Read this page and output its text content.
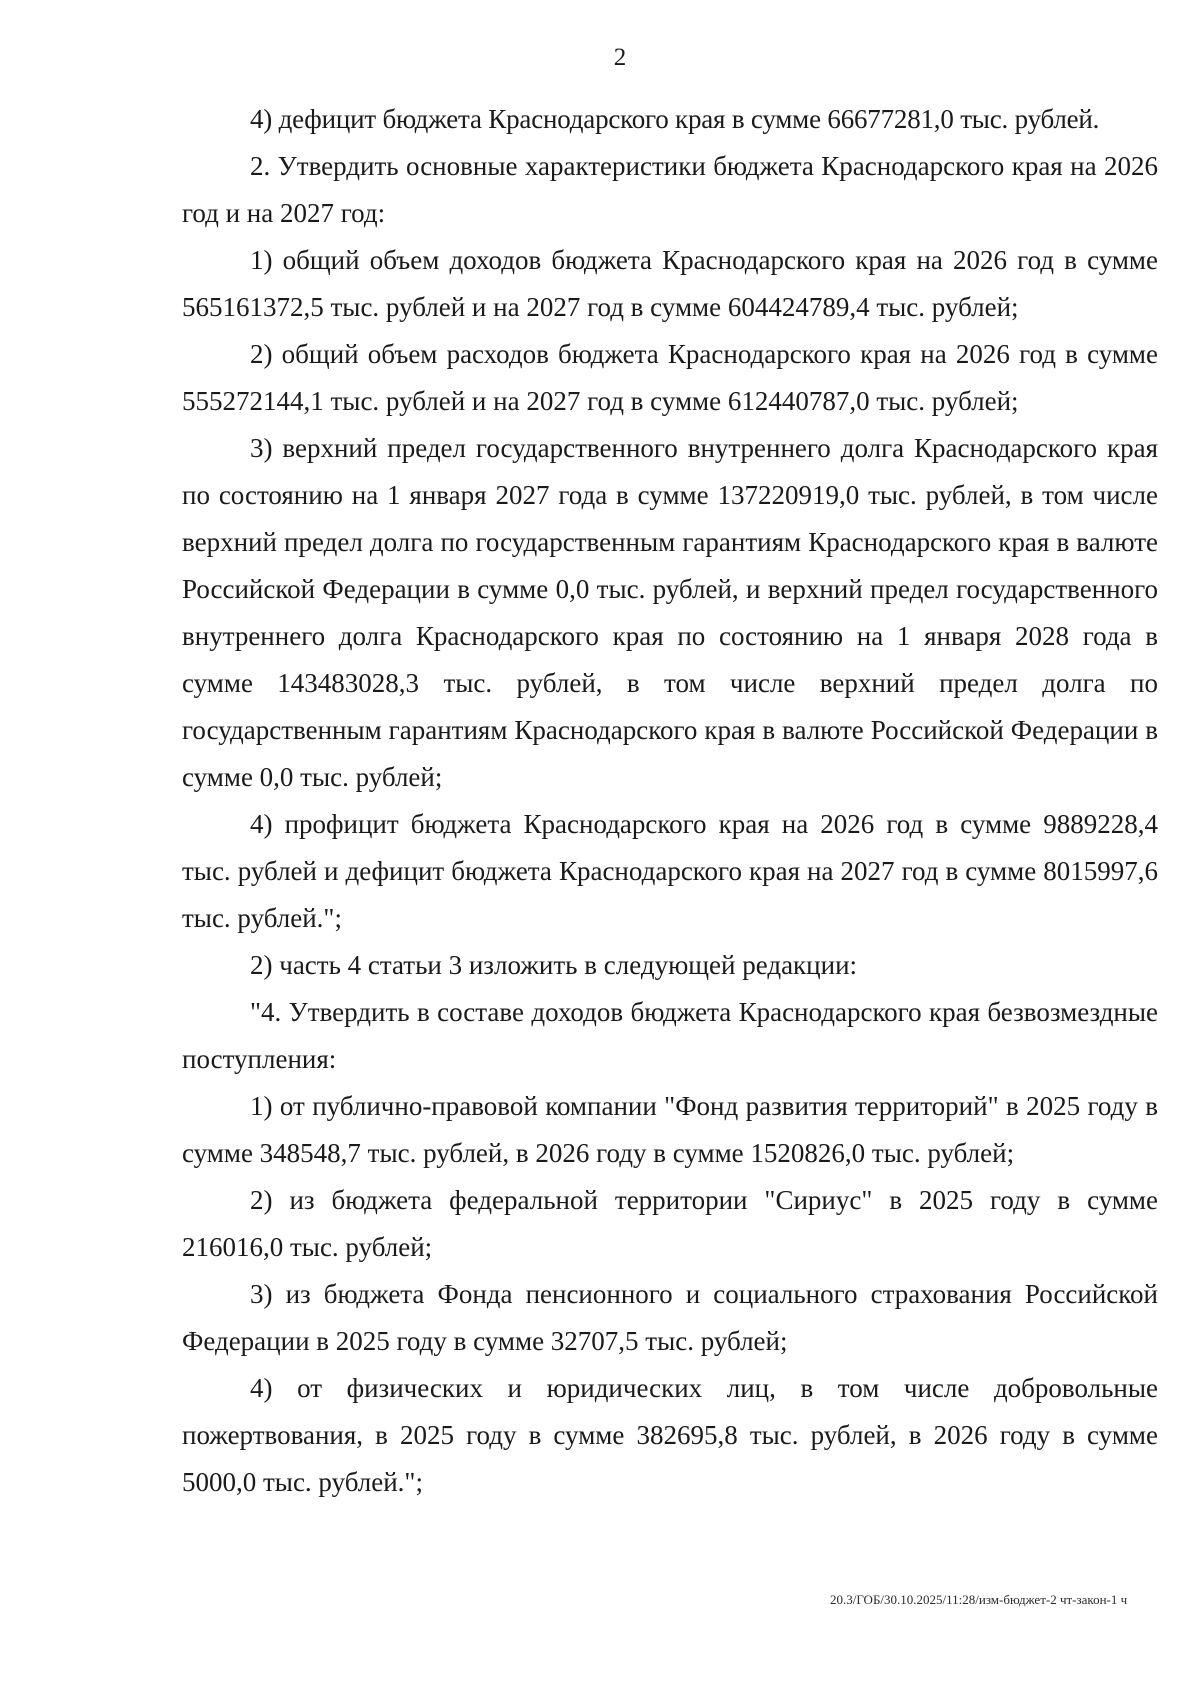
2

4) дефицит бюджета Краснодарского края в сумме 66677281,0 тыс. рублей.

2. Утвердить основные характеристики бюджета Краснодарского края на 2026 год и на 2027 год:

1) общий объем доходов бюджета Краснодарского края на 2026 год в сумме 565161372,5 тыс. рублей и на 2027 год в сумме 604424789,4 тыс. рублей;

2) общий объем расходов бюджета Краснодарского края на 2026 год в сумме 555272144,1 тыс. рублей и на 2027 год в сумме 612440787,0 тыс. рублей;

3) верхний предел государственного внутреннего долга Краснодарского края по состоянию на 1 января 2027 года в сумме 137220919,0 тыс. рублей, в том числе верхний предел долга по государственным гарантиям Краснодарского края в валюте Российской Федерации в сумме 0,0 тыс. рублей, и верхний предел государственного внутреннего долга Краснодарского края по состоянию на 1 января 2028 года в сумме 143483028,3 тыс. рублей, в том числе верхний предел долга по государственным гарантиям Краснодарского края в валюте Российской Федерации в сумме 0,0 тыс. рублей;

4) профицит бюджета Краснодарского края на 2026 год в сумме 9889228,4 тыс. рублей и дефицит бюджета Краснодарского края на 2027 год в сумме 8015997,6 тыс. рублей.";

2) часть 4 статьи 3 изложить в следующей редакции:

"4. Утвердить в составе доходов бюджета Краснодарского края безвозмездные поступления:

1) от публично-правовой компании "Фонд развития территорий" в 2025 году в сумме 348548,7 тыс. рублей, в 2026 году в сумме 1520826,0 тыс. рублей;

2) из бюджета федеральной территории "Сириус" в 2025 году в сумме 216016,0 тыс. рублей;

3) из бюджета Фонда пенсионного и социального страхования Российской Федерации в 2025 году в сумме 32707,5 тыс. рублей;

4) от физических и юридических лиц, в том числе добровольные пожертвования, в 2025 году в сумме 382695,8 тыс. рублей, в 2026 году в сумме 5000,0 тыс. рублей.";

20.3/ГОБ/30.10.2025/11:28/изм-бюджет-2 чт-закон-1 ч
